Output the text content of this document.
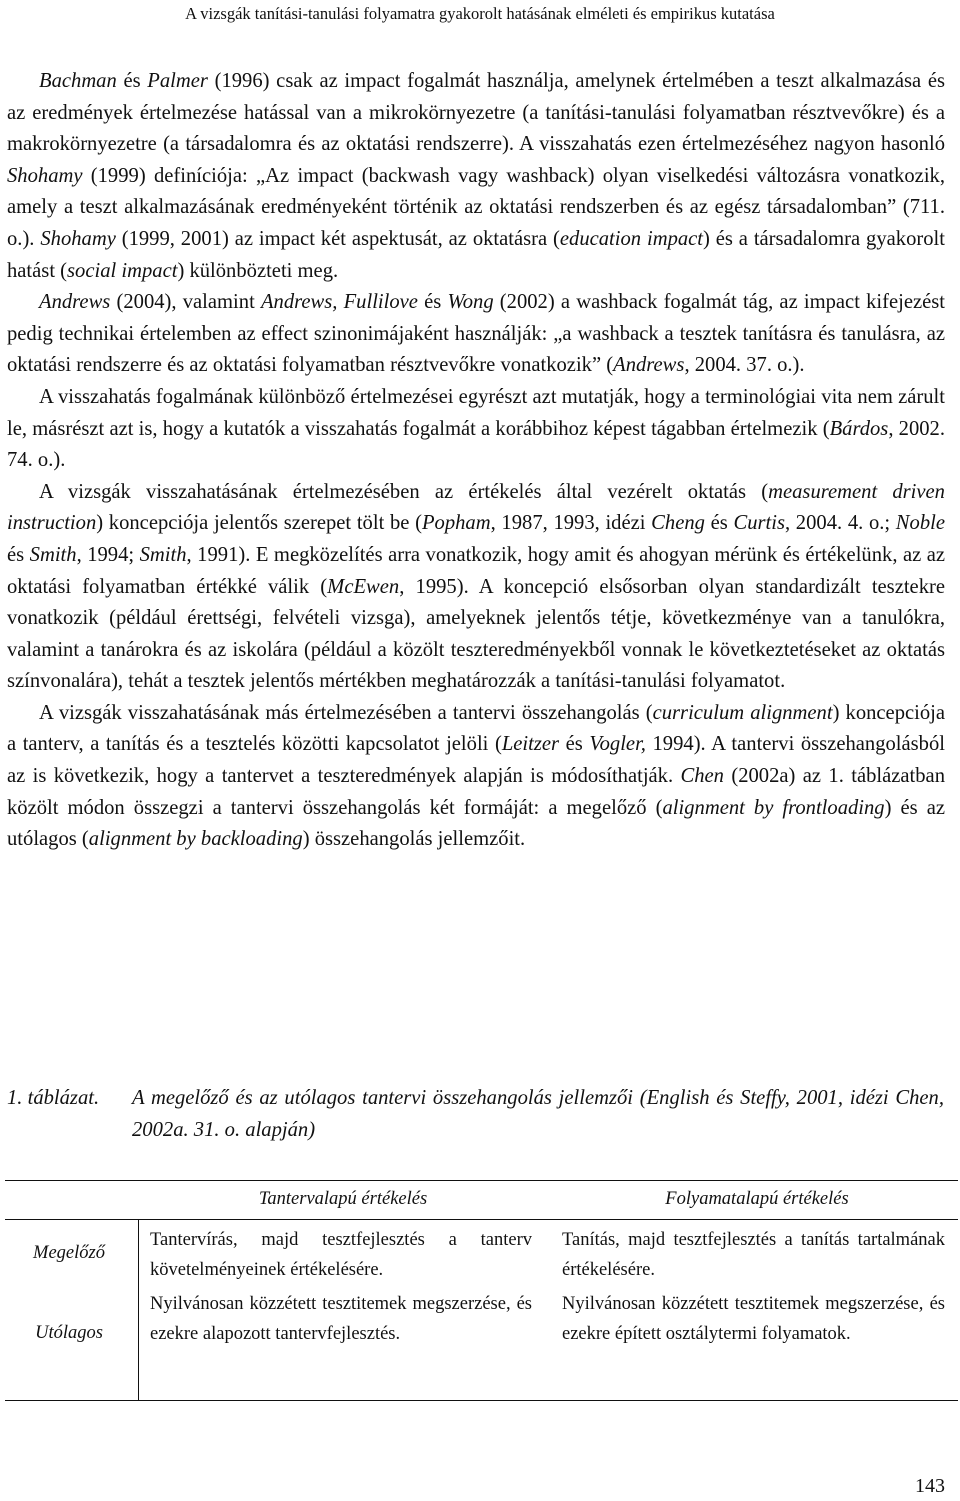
A vizsgák tanítási-tanulási folyamatra gyakorolt hatásának elméleti és empirikus kutatása

Bachman és Palmer (1996) csak az impact fogalmát használja, amelynek értelmében a teszt alkalmazása és az eredmények értelmezése hatással van a mikrokörnyezetre (a tanítási-tanulási folyamatban résztvevőkre) és a makrokörnyezetre (a társadalomra és az oktatási rendszerre). A visszahatás ezen értelmezéséhez nagyon hasonló Shohamy (1999) definíciója: „Az impact (backwash vagy washback) olyan viselkedési változásra vonatkozik, amely a teszt alkalmazásának eredményeként történik az oktatási rendszerben és az egész társadalomban” (711. o.). Shohamy (1999, 2001) az impact két aspektusát, az oktatásra (education impact) és a társadalomra gyakorolt hatást (social impact) különbözteti meg.

Andrews (2004), valamint Andrews, Fullilove és Wong (2002) a washback fogalmát tág, az impact kifejezést pedig technikai értelemben az effect szinonimájaként használják: „a washback a tesztek tanításra és tanulásra, az oktatási rendszerre és az oktatási folyamatban résztvevőkre vonatkozik” (Andrews, 2004. 37. o.).

A visszahatás fogalmának különböző értelmezései egyrészt azt mutatják, hogy a terminológiai vita nem zárult le, másrészt azt is, hogy a kutatók a visszahatás fogalmát a korábbihoz képest tágabban értelmezik (Bárdos, 2002. 74. o.).

A vizsgák visszahatásának értelmezésében az értékelés által vezérelt oktatás (measurement driven instruction) koncepciója jelentős szerepet tölt be (Popham, 1987, 1993, idézi Cheng és Curtis, 2004. 4. o.; Noble és Smith, 1994; Smith, 1991). E megközelítés arra vonatkozik, hogy amit és ahogyan mérünk és értékelünk, az az oktatási folyamatban értékké válik (McEwen, 1995). A koncepció elsősorban olyan standardizált tesztekre vonatkozik (például érettségi, felvételi vizsga), amelyeknek jelentős tétje, következménye van a tanulókra, valamint a tanárokra és az iskolára (például a közölt teszteredményekből vonnak le következtetéseket az oktatás színvonalára), tehát a tesztek jelentős mértékben meghatározzák a tanítási-tanulási folyamatot.

A vizsgák visszahatásának más értelmezésében a tantervi összehangolás (curriculum alignment) koncepciója a tanterv, a tanítás és a tesztelés közötti kapcsolatot jelöli (Leitzer és Vogler, 1994). A tantervi összehangolásból az is következik, hogy a tantervet a teszteredmények alapján is módosíthatják. Chen (2002a) az 1. táblázatban közölt módon összegzi a tantervi összehangolás két formáját: a megelőző (alignment by frontloading) és az utólagos (alignment by backloading) összehangolás jellemzőit.

1. táblázat. A megelőző és az utólagos tantervi összehangolás jellemzői (English és Steffy, 2001, idézi Chen, 2002a. 31. o. alapján)
Tantervalapú értékelés	Folyamatalapú értékelés
Megelőző
Tantervírás, majd tesztfejlesztés a tanterv követelményeinek értékelésére.
Tanítás, majd tesztfejlesztés a tanítás tartalmának értékelésére.
Utólagos
Nyilvánosan közzétett tesztitemek megszerzése, és ezekre alapozott tantervfejlesztés.
Nyilvánosan közzétett tesztitemek megszerzése, és ezekre épített osztálytermi folyamatok.
143
